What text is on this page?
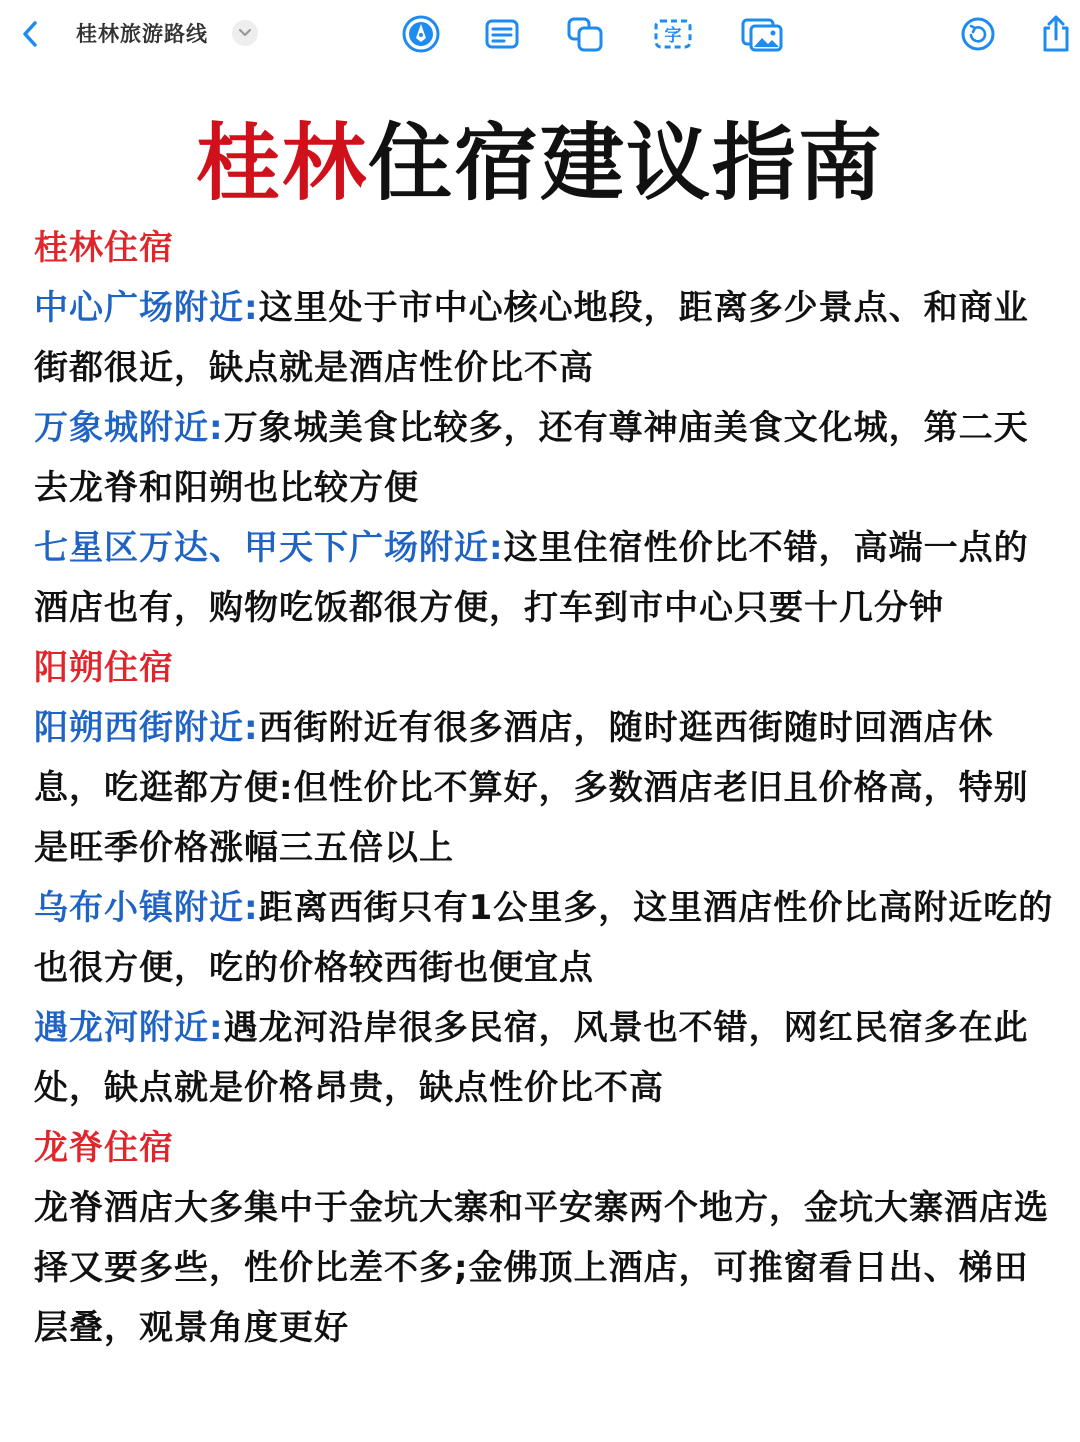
桂林旅游路线	字
桂林住宿建议指南

桂林住宿

中心广场附近:这里处于市中心核心地段，距离多少景点、和商业街都很近，缺点就是酒店性价比不高

万象城附近:万象城美食比较多，还有尊神庙美食文化城，第二天去龙脊和阳朔也比较方便

七星区万达、甲天下广场附近:这里住宿性价比不错，高端一点的酒店也有，购物吃饭都很方便，打车到市中心只要十几分钟

阳朔住宿

阳朔西街附近:西街附近有很多酒店，随时逛西街随时回酒店休息，吃逛都方便:但性价比不算好，多数酒店老旧且价格高，特别是旺季价格涨幅三五倍以上

乌布小镇附近:距离西街只有1公里多，这里酒店性价比高附近吃的也很方便，吃的价格较西街也便宜点

遇龙河附近:遇龙河沿岸很多民宿，风景也不错，网红民宿多在此处，缺点就是价格昂贵，缺点性价比不高

龙脊住宿

龙脊酒店大多集中于金坑大寨和平安寨两个地方，金坑大寨酒店选择又要多些，性价比差不多;金佛顶上酒店，可推窗看日出、梯田层叠，观景角度更好
